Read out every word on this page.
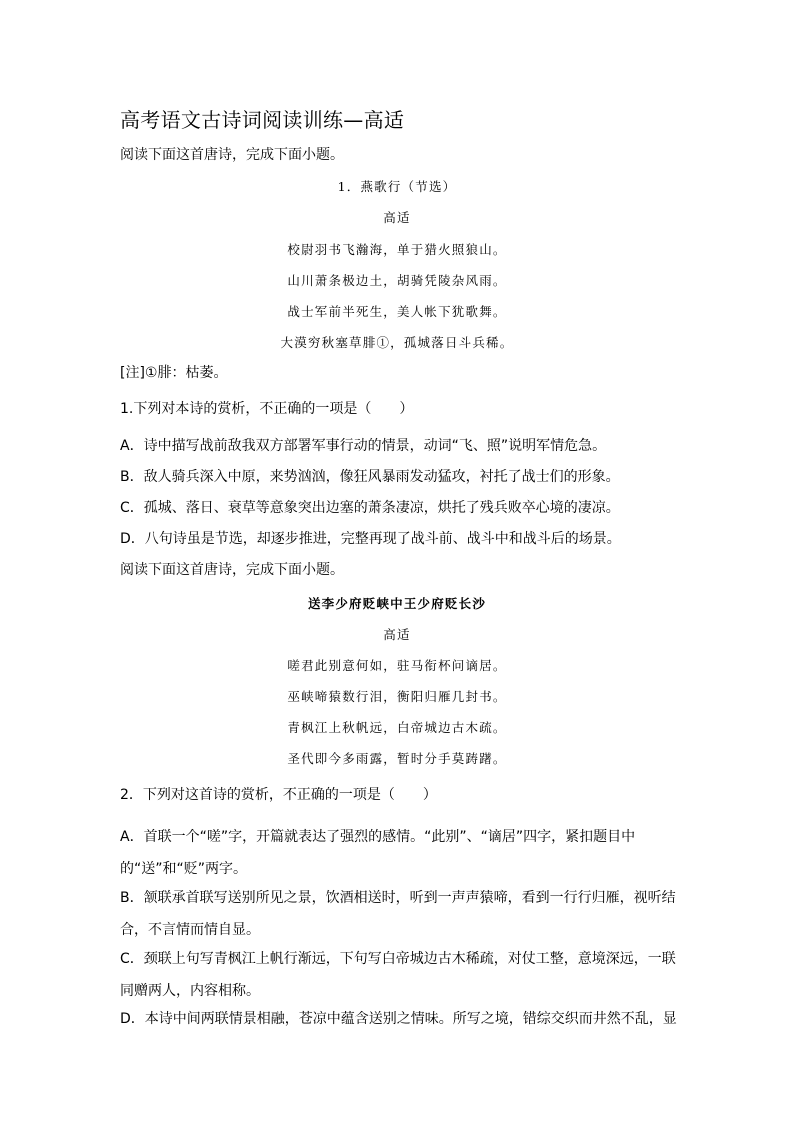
高考语文古诗词阅读训练—高适
阅读下面这首唐诗，完成下面小题。
1．燕歌行（节选）
高适
校尉羽书飞瀚海，单于猎火照狼山。
山川萧条极边土，胡骑凭陵杂风雨。
战士军前半死生，美人帐下犹歌舞。
大漠穷秋塞草腓①，孤城落日斗兵稀。
[注]①腓：枯萎。
1.下列对本诗的赏析，不正确的一项是（　　）
A．诗中描写战前敌我双方部署军事行动的情景，动词“飞、照”说明军情危急。
B．敌人骑兵深入中原，来势汹汹，像狂风暴雨发动猛攻，衬托了战士们的形象。
C．孤城、落日、衰草等意象突出边塞的萧条凄凉，烘托了残兵败卒心境的凄凉。
D．八句诗虽是节选，却逐步推进，完整再现了战斗前、战斗中和战斗后的场景。
阅读下面这首唐诗，完成下面小题。
送李少府贬峡中王少府贬长沙
高适
嗟君此别意何如，驻马衔杯问谪居。
巫峡啼猿数行泪，衡阳归雁几封书。
青枫江上秋帆远，白帝城边古木疏。
圣代即今多雨露，暂时分手莫踌躇。
2．下列对这首诗的赏析，不正确的一项是（　　）
A．首联一个“嗟”字，开篇就表达了强烈的感情。“此别”、“谪居”四字，紧扣题目中的“送”和“贬”两字。
B．颔联承首联写送别所见之景，饮酒相送时，听到一声声猿啼，看到一行行归雁，视听结合，不言情而情自显。
C．颈联上句写青枫江上帆行渐远，下句写白帝城边古木稀疏，对仗工整，意境深远，一联同赠两人，内容相称。
D．本诗中间两联情景相融，苍凉中蕴含送别之情味。所写之境，错综交织而井然不乱，显
